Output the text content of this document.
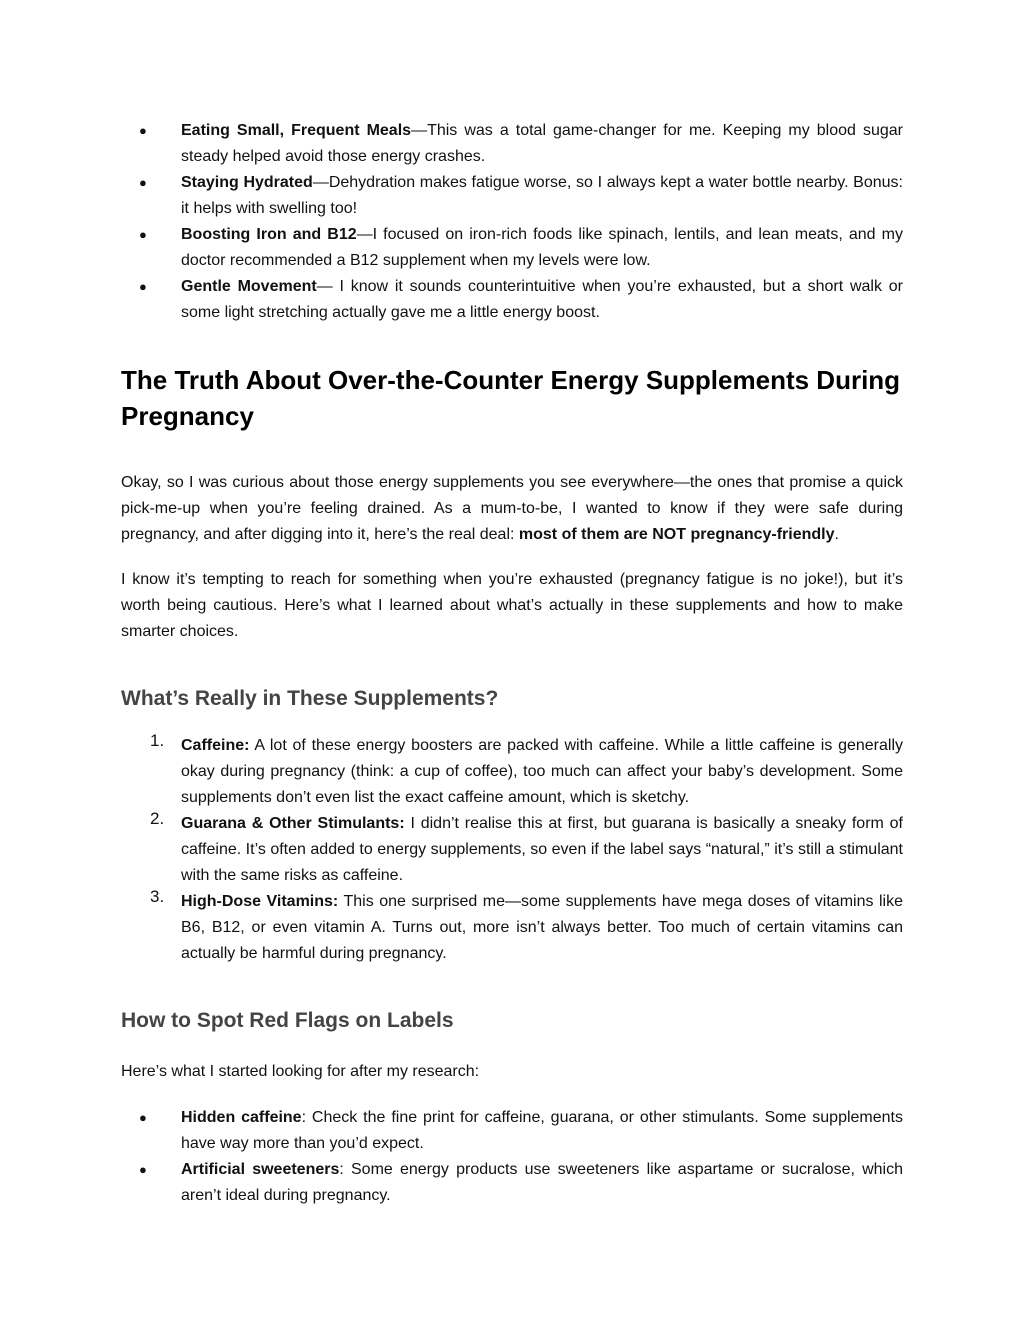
● Eating Small, Frequent Meals—This was a total game-changer for me. Keeping my blood sugar steady helped avoid those energy crashes.
● Staying Hydrated—Dehydration makes fatigue worse, so I always kept a water bottle nearby. Bonus: it helps with swelling too!
● Boosting Iron and B12—I focused on iron-rich foods like spinach, lentils, and lean meats, and my doctor recommended a B12 supplement when my levels were low.
● Gentle Movement— I know it sounds counterintuitive when you’re exhausted, but a short walk or some light stretching actually gave me a little energy boost.
The Truth About Over-the-Counter Energy Supplements During Pregnancy

Okay, so I was curious about those energy supplements you see everywhere—the ones that promise a quick pick-me-up when you’re feeling drained. As a mum-to-be, I wanted to know if they were safe during pregnancy, and after digging into it, here’s the real deal: most of them are NOT pregnancy-friendly.

I know it’s tempting to reach for something when you’re exhausted (pregnancy fatigue is no joke!), but it’s worth being cautious. Here’s what I learned about what’s actually in these supplements and how to make smarter choices.

What’s Really in These Supplements?
1. Caffeine: A lot of these energy boosters are packed with caffeine. While a little caffeine is generally okay during pregnancy (think: a cup of coffee), too much can affect your baby’s development. Some supplements don’t even list the exact caffeine amount, which is sketchy.
2. Guarana & Other Stimulants: I didn’t realise this at first, but guarana is basically a sneaky form of caffeine. It’s often added to energy supplements, so even if the label says “natural,” it’s still a stimulant with the same risks as caffeine.
3. High-Dose Vitamins: This one surprised me—some supplements have mega doses of vitamins like B6, B12, or even vitamin A. Turns out, more isn’t always better. Too much of certain vitamins can actually be harmful during pregnancy.
How to Spot Red Flags on Labels

Here’s what I started looking for after my research:

● Hidden caffeine: Check the fine print for caffeine, guarana, or other stimulants. Some supplements have way more than you’d expect.
● Artificial sweeteners: Some energy products use sweeteners like aspartame or sucralose, which aren’t ideal during pregnancy.
